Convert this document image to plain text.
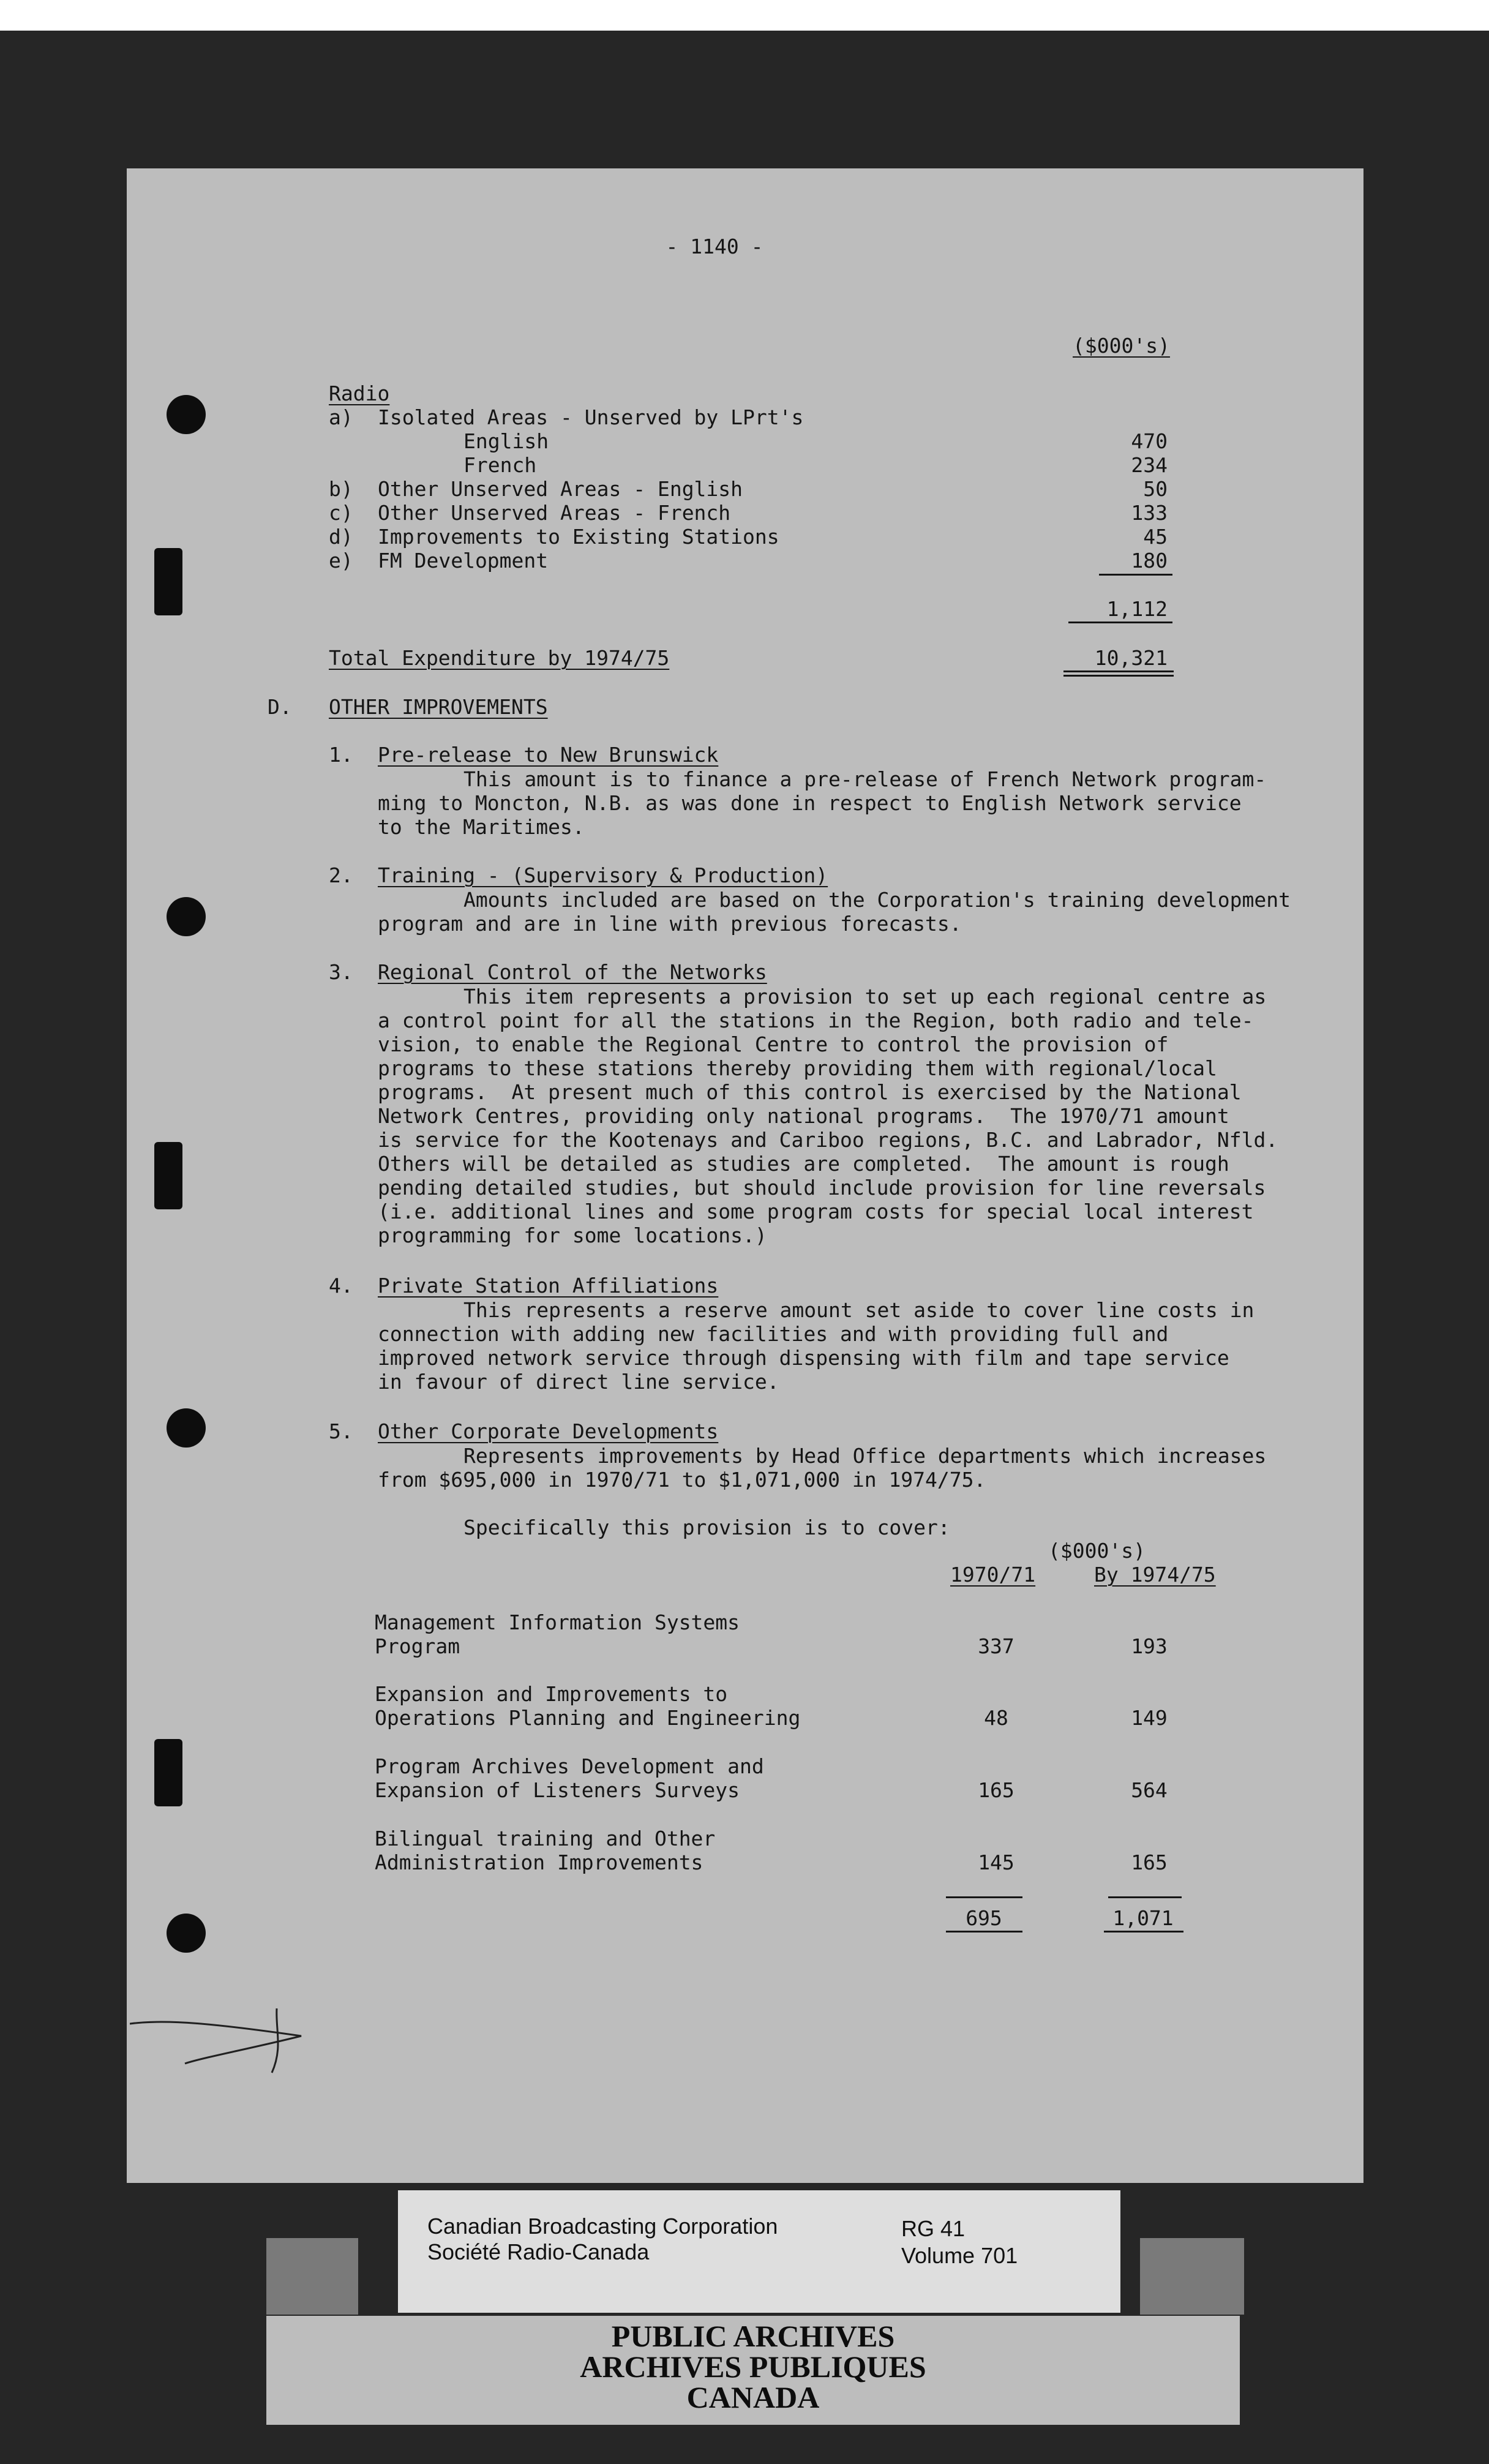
- 1140 -
($000's)
Radio
a) Isolated Areas - Unserved by LPrt's
English	470
French	234
b) Other Unserved Areas - English	50
c) Other Unserved Areas - French	133
d) Improvements to Existing Stations	45
e) FM Development	180
1,112
Total Expenditure by 1974/75	10,321
D. OTHER IMPROVEMENTS
1. Pre-release to New Brunswick
This amount is to finance a pre-release of French Network program-
ming to Moncton, N.B. as was done in respect to English Network service
to the Maritimes.
2. Training - (Supervisory & Production)
Amounts included are based on the Corporation's training development
program and are in line with previous forecasts.
3. Regional Control of the Networks
This item represents a provision to set up each regional centre as
a control point for all the stations in the Region, both radio and tele-
vision, to enable the Regional Centre to control the provision of
programs to these stations thereby providing them with regional/local
programs.  At present much of this control is exercised by the National
Network Centres, providing only national programs.  The 1970/71 amount
is service for the Kootenays and Cariboo regions, B.C. and Labrador, Nfld.
Others will be detailed as studies are completed.  The amount is rough
pending detailed studies, but should include provision for line reversals
(i.e. additional lines and some program costs for special local interest
programming for some locations.)
4. Private Station Affiliations
This represents a reserve amount set aside to cover line costs in
connection with adding new facilities and with providing full and
improved network service through dispensing with film and tape service
in favour of direct line service.
5. Other Corporate Developments
Represents improvements by Head Office departments which increases
from $695,000 in 1970/71 to $1,071,000 in 1974/75.
Specifically this provision is to cover:
($000's)
1970/71	By 1974/75
Management Information Systems
Program	337	193
Expansion and Improvements to
Operations Planning and Engineering	48	149
Program Archives Development and
Expansion of Listeners Surveys	165	564
Bilingual training and Other
Administration Improvements	145	165
695	1,071
Canadian Broadcasting Corporation
Société Radio-Canada
RG 41
Volume 701
PUBLIC ARCHIVES
ARCHIVES PUBLIQUES
CANADA
